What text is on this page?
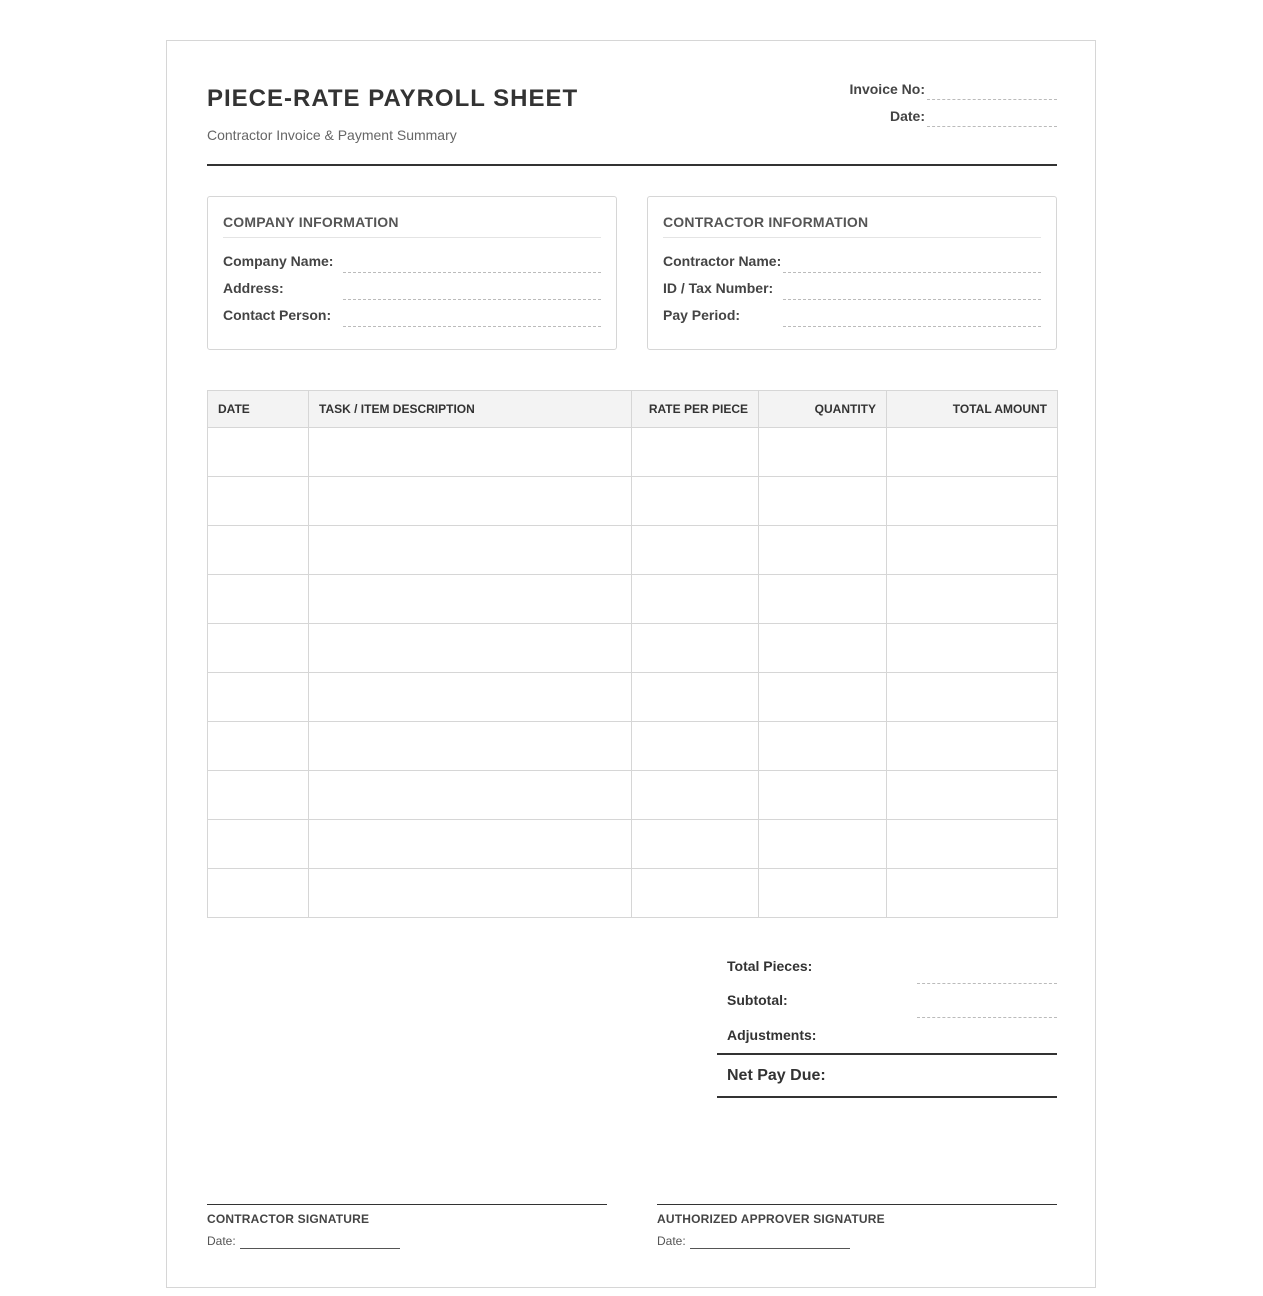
PIECE-RATE PAYROLL SHEET
Contractor Invoice & Payment Summary
Invoice No:
Date:
COMPANY INFORMATION
Company Name:
Address:
Contact Person:
CONTRACTOR INFORMATION
Contractor Name:
ID / Tax Number:
Pay Period:
DATE	TASK / ITEM DESCRIPTION	RATE PER PIECE	QUANTITY	TOTAL AMOUNT

Total Pieces:
Subtotal:
Adjustments:
Net Pay Due:
CONTRACTOR SIGNATURE
Date:
AUTHORIZED APPROVER SIGNATURE
Date:
